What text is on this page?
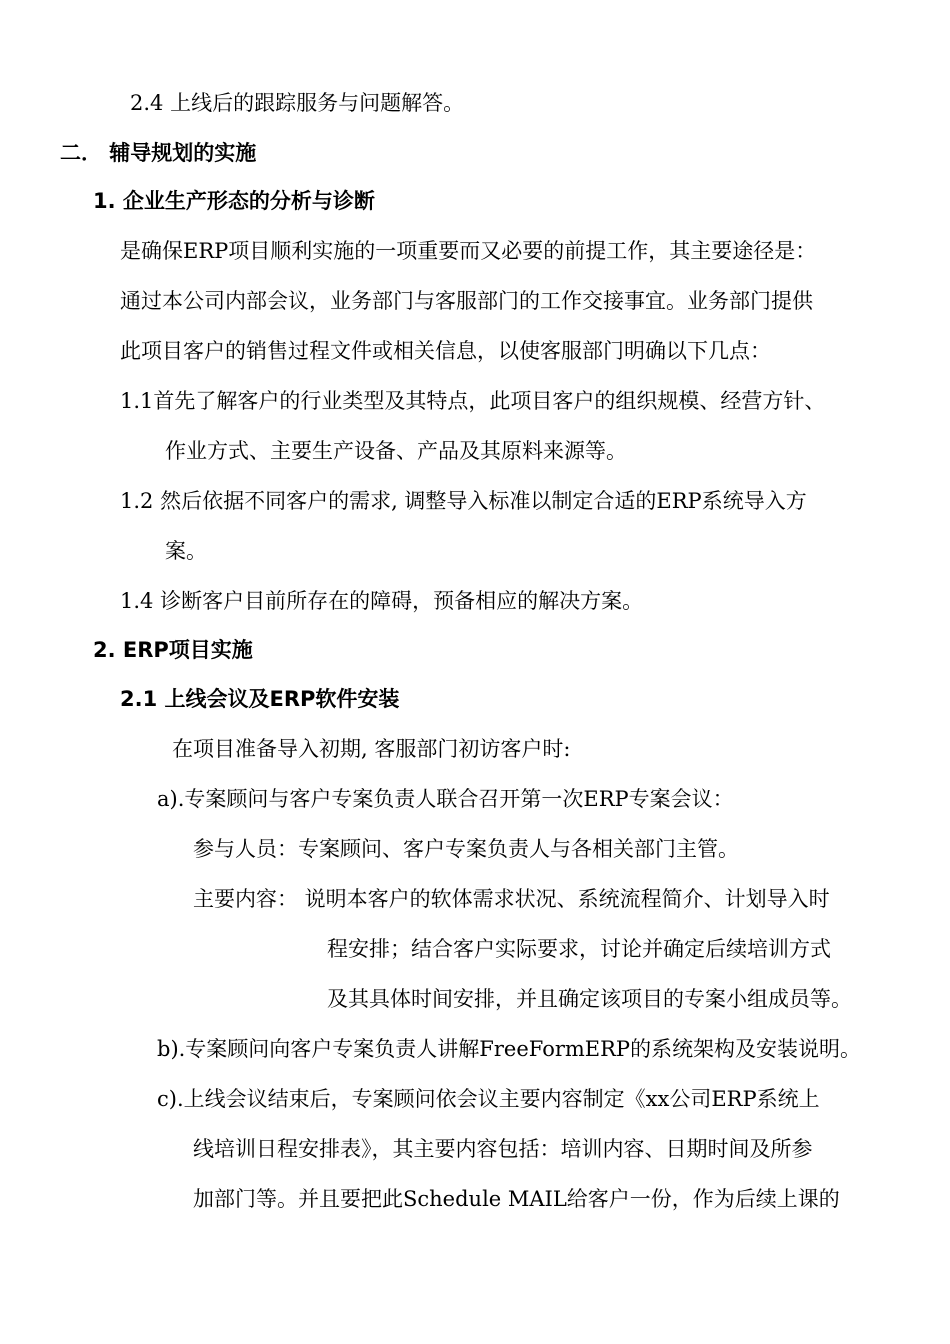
2.4 上线后的跟踪服务与问题解答。
二． 辅导规划的实施
1. 企业生产形态的分析与诊断
是确保ERP项目顺利实施的一项重要而又必要的前提工作，其主要途径是：
通过本公司内部会议，业务部门与客服部门的工作交接事宜。业务部门提供
此项目客户的销售过程文件或相关信息，以使客服部门明确以下几点：
1.1首先了解客户的行业类型及其特点，此项目客户的组织规模、经营方针、
作业方式、主要生产设备、产品及其原料来源等。
1.2 然后依据不同客户的需求, 调整导入标准以制定合适的ERP系统导入方
案。
1.4 诊断客户目前所存在的障碍，预备相应的解决方案。
2. ERP项目实施
2.1 上线会议及ERP软件安装
在项目准备导入初期, 客服部门初访客户时:
a).专案顾问与客户专案负责人联合召开第一次ERP专案会议：
参与人员：专案顾问、客户专案负责人与各相关部门主管。
主要内容： 说明本客户的软体需求状况、系统流程简介、计划导入时
程安排；结合客户实际要求，讨论并确定后续培训方式
及其具体时间安排，并且确定该项目的专案小组成员等。
b).专案顾问向客户专案负责人讲解FreeFormERP的系统架构及安装说明。
c).上线会议结束后，专案顾问依会议主要内容制定《xx公司ERP系统上
线培训日程安排表》，其主要内容包括：培训内容、日期时间及所参
加部门等。并且要把此Schedule MAIL给客户一份，作为后续上课的
